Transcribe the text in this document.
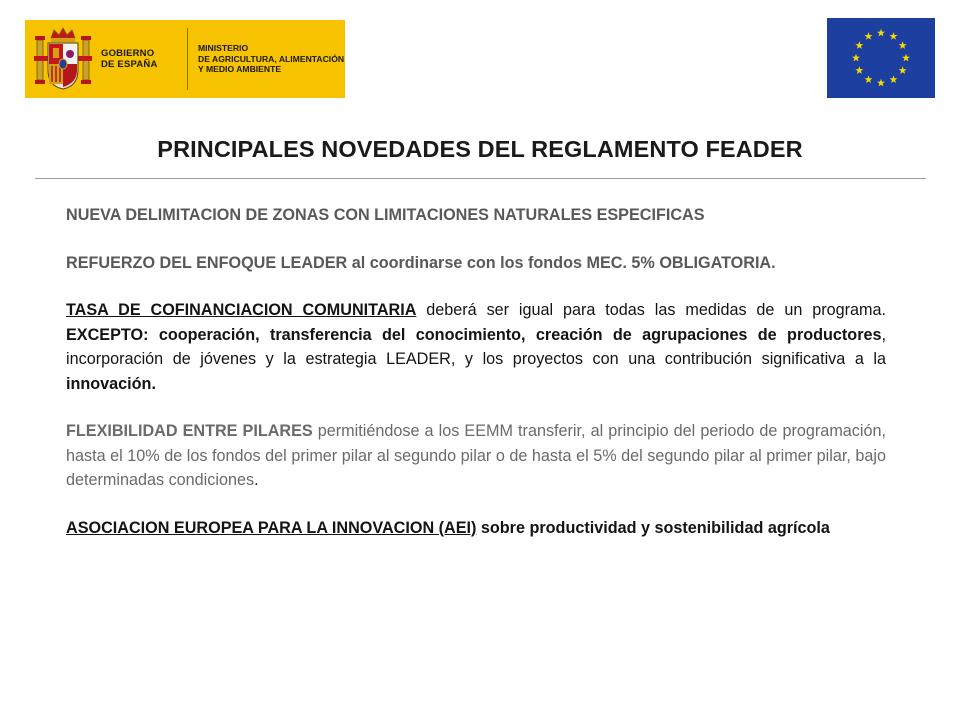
GOBIERNO
DE ESPAÑA
MINISTERIO
DE AGRICULTURA, ALIMENTACIÓN
Y MEDIO AMBIENTE
PRINCIPALES NOVEDADES DEL REGLAMENTO FEADER

NUEVA DELIMITACION DE ZONAS CON LIMITACIONES NATURALES ESPECIFICAS

REFUERZO DEL ENFOQUE LEADER al coordinarse con los fondos MEC. 5% OBLIGATORIA.

TASA DE COFINANCIACION COMUNITARIA deberá ser igual para todas las medidas de un programa. EXCEPTO: cooperación, transferencia del conocimiento, creación de agrupaciones de productores, incorporación de jóvenes y la estrategia LEADER, y los proyectos con una contribución significativa a la innovación.

FLEXIBILIDAD ENTRE PILARES permitiéndose a los EEMM transferir, al principio del periodo de programación, hasta el 10% de los fondos del primer pilar al segundo pilar o de hasta el 5% del segundo pilar al primer pilar, bajo determinadas condiciones.

ASOCIACION EUROPEA PARA LA INNOVACION (AEI) sobre productividad y sostenibilidad agrícola
